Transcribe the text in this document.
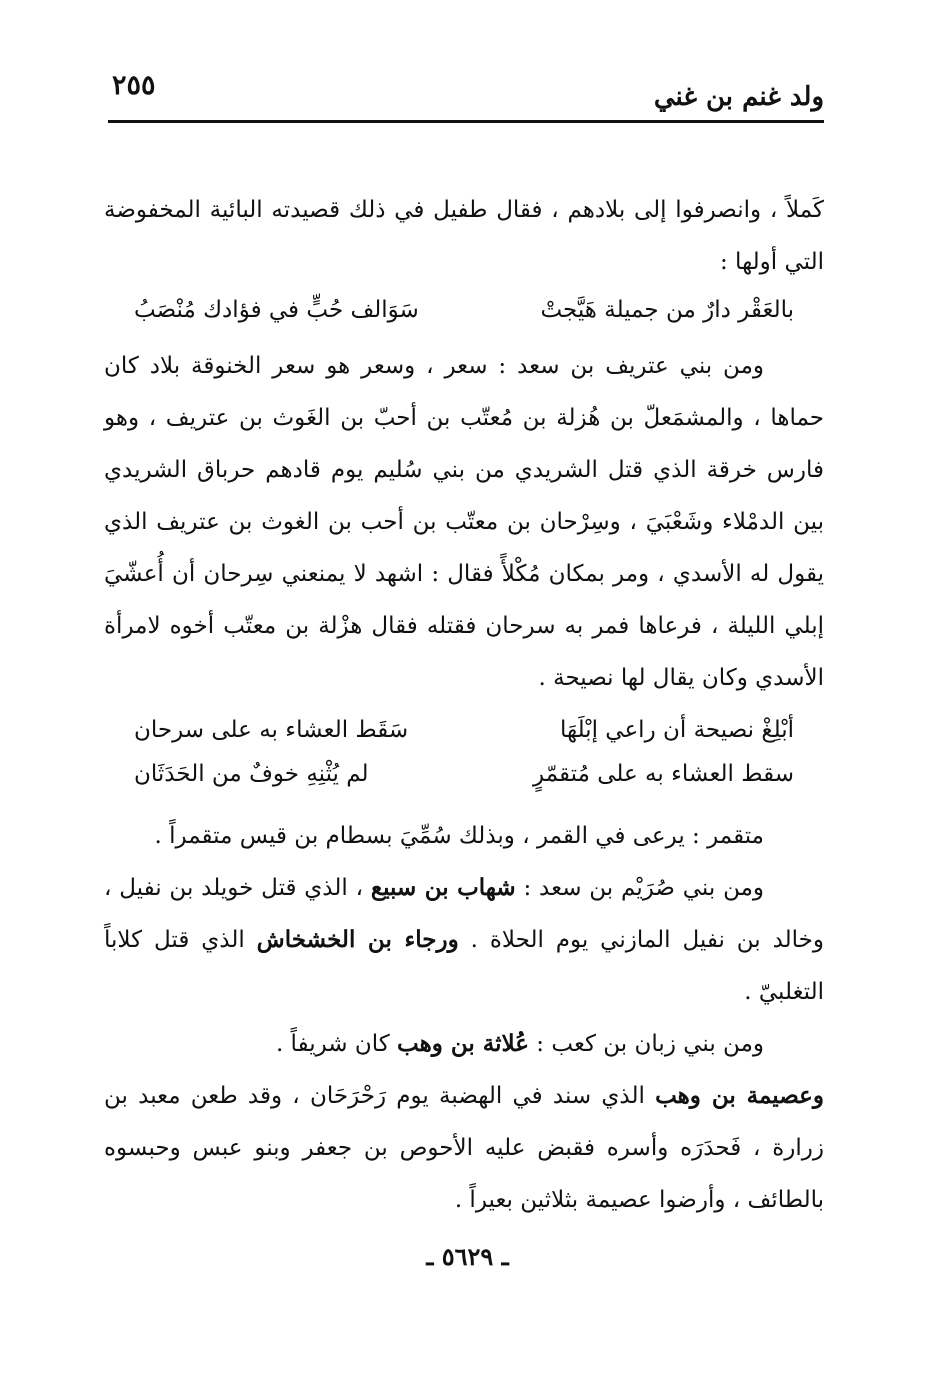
ولد غنم بن غني
٢٥٥

كَملاً ، وانصرفوا إلى بلادهم ، فقال طفيل في ذلك قصيدته البائية المخفوضة التي أولها :

بالعَقْر دارٌ من جميلة هَيَّجتْ
سَوَالف حُبٍّ في فؤادك مُنْصَبُ

ومن بني عتريف بن سعد : سعر ، وسعر هو سعر الخنوقة بلاد كان حماها ، والمشمَعلّ بن هُزلة بن مُعتّب بن أحبّ بن الغَوث بن عتريف ، وهو فارس خرقة الذي قتل الشريدي من بني سُليم يوم قادهم حرباق الشريدي بين الدمْلاء وشَعْبَيَ ، وسِرْحان بن معتّب بن أحب بن الغوث بن عتريف الذي يقول له الأسدي ، ومر بمكان مُكْلأً فقال : اشهد لا يمنعني سِرحان أن أُعشّيَ إبلي الليلة ، فرعاها فمر به سرحان فقتله فقال هزْلة بن معتّب أخوه لامرأة الأسدي وكان يقال لها نصيحة .

أبْلِغْ نصيحة أن راعي إبْلَهَا
سَقَط العشاء به على سرحان
سقط العشاء به على مُتقمّرٍ
لم يُثْنِهِ خوفٌ من الحَدَثَان

متقمر : يرعى في القمر ، وبذلك سُمِّيَ بسطام بن قيس متقمراً .

ومن بني صُرَيْم بن سعد : شهاب بن سبيع ، الذي قتل خويلد بن نفيل ، وخالد بن نفيل المازني يوم الحلاة . ورجاء بن الخشخاش الذي قتل كلاباً التغلبيّ .

ومن بني زبان بن كعب : عُلاثة بن وهب كان شريفاً .

وعصيمة بن وهب الذي سند في الهضبة يوم رَحْرَحَان ، وقد طعن معبد بن زرارة ، فَحدَرَه وأسره فقبض عليه الأحوص بن جعفر وبنو عبس وحبسوه بالطائف ، وأرضوا عصيمة بثلاثين بعيراً .

ـ ٥٦٢٩ ـ
